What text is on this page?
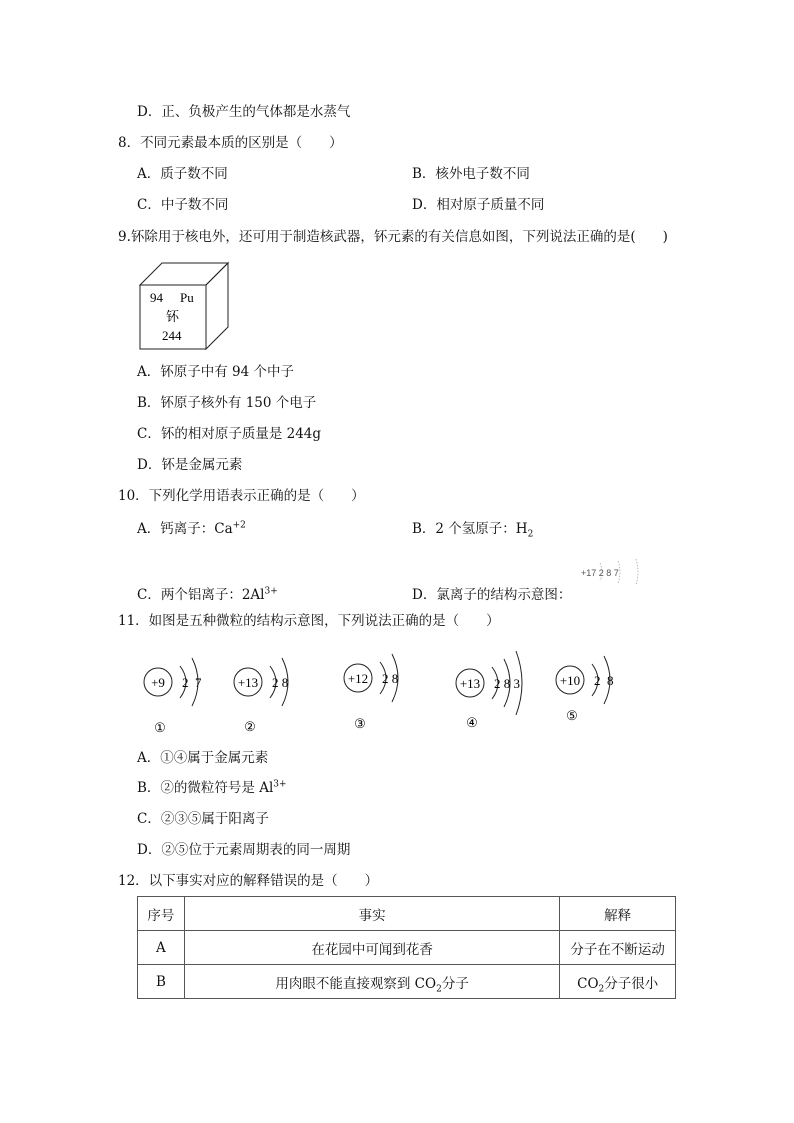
D．正、负极产生的气体都是水蒸气
8．不同元素最本质的区别是（　　）
A．质子数不同	B．核外电子数不同
C．中子数不同	D．相对原子质量不同
9.钚除用于核电外，还可用于制造核武器，钚元素的有关信息如图，下列说法正确的是(　　)
94 Pu
钚
244
A．钚原子中有 94 个中子
B．钚原子核外有 150 个电子
C．钚的相对原子质量是 244g
D．钚是金属元素
10．下列化学用语表示正确的是（　　）
A．钙离子：$Ca^{+2}$	B．2 个氢原子：$H_2$
C．两个铝离子：$2Al^{3+}$	D．氯离子的结构示意图：
+17 2 8 7
11．如图是五种微粒的结构示意图，下列说法正确的是（　　）
+9 2  7
①
+13 2 8
②
+12 2 8
③
+13 2 8 3
④
+10 2  8
⑤
A．①④属于金属元素
B．②的微粒符号是 $Al^{3+}$
C．②③⑤属于阳离子
D．②⑤位于元素周期表的同一周期
12．以下事实对应的解释错误的是（　　）
序号	事实	解释
A	在花园中可闻到花香	分子在不断运动
B	用肉眼不能直接观察到 $CO_2$分子	$CO_2$分子很小
